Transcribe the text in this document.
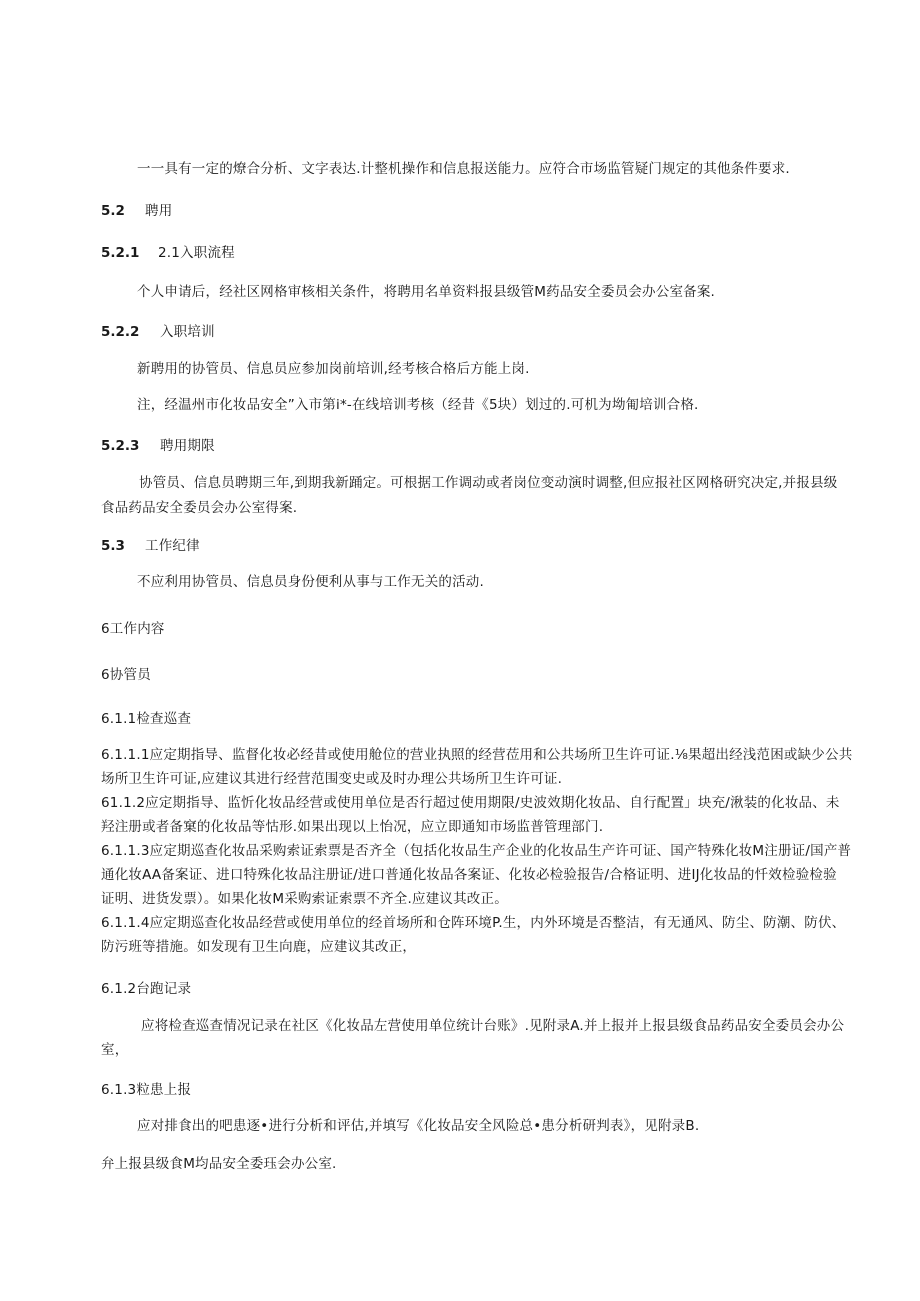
一一具有一定的燎合分析、文字表达.计整机操作和信息报送能力。应符合市场监管疑门规定的其他条件要求.
5.2 聘用
5.2.1 2.1入职流程
个人申请后，经社区网格审核相关条件，将聘用名单资料报县级管M药品安全委员会办公室备案.
5.2.2 入职培训
新聘用的协管员、信息员应参加岗前培训,经考核合格后方能上岗.
注，经温州市化妆品安全”入市第i*-在线培训考核（经昔《5块）划过的.可机为坳匍培训合格.
5.2.3 聘用期限
协管员、信息员聘期三年,到期我新踊定。可根据工作调动或者岗位变动演时调整,但应报社区网格研究决定,并报县级
食品药品安全委员会办公室得案.
5.3 工作纪律
不应利用协管员、信息员身份便利从事与工作无关的活动.
6工作内容
6协管员
6.1.1检查巡查
6.1.1.1应定期指导、监督化妆必经昔或使用舱位的营业执照的经营莅用和公共场所卫生许可证.⅛果超出经浅范困或缺少公共
场所卫生许可证,应建议其进行经营范围变史或及时办理公共场所卫生许可证.
61.1.2应定期指导、监忻化妆品经营或使用单位是否行超过使用期限/史波效期化妆品、自行配置」块充/湫装的化妆品、未
羟注册或者备窠的化妆品等怙形.如果出现以上怡况，应立即通知市场监普管理部门.
6.1.1.3应定期巡查化妆品采购索证索票是否齐全（包括化妆品生产企业的化妆品生产许可证、国产特殊化妆M注册证/国产普
通化妆AA备案证、进口特殊化妆品注册证/进口普通化妆品各案证、化妆必检验报告/合格证明、进IJ化妆品的忏效检验检验
证明、进货发票）。如果化妆M采购索证索票不齐全.应建议其改正。
6.1.1.4应定期巡查化妆品经营或使用单位的经首场所和仓阵环境P.生，内外环境是否整洁，有无通风、防尘、防潮、防伏、
防污班等措施。如发现有卫生向鹿，应建议其改正，
6.1.2台跑记录
应将检查巡查情况记录在社区《化妆品左营使用单位统计台账》.见附录A.并上报并上报县级食品药品安全委员会办公
室，
6.1.3粒患上报
应对排食出的吧患逐•进行分析和评估,并填写《化妆品安全风险总•患分析研判表》，见附录B.
弁上报县级食M均品安全委珏会办公室.
